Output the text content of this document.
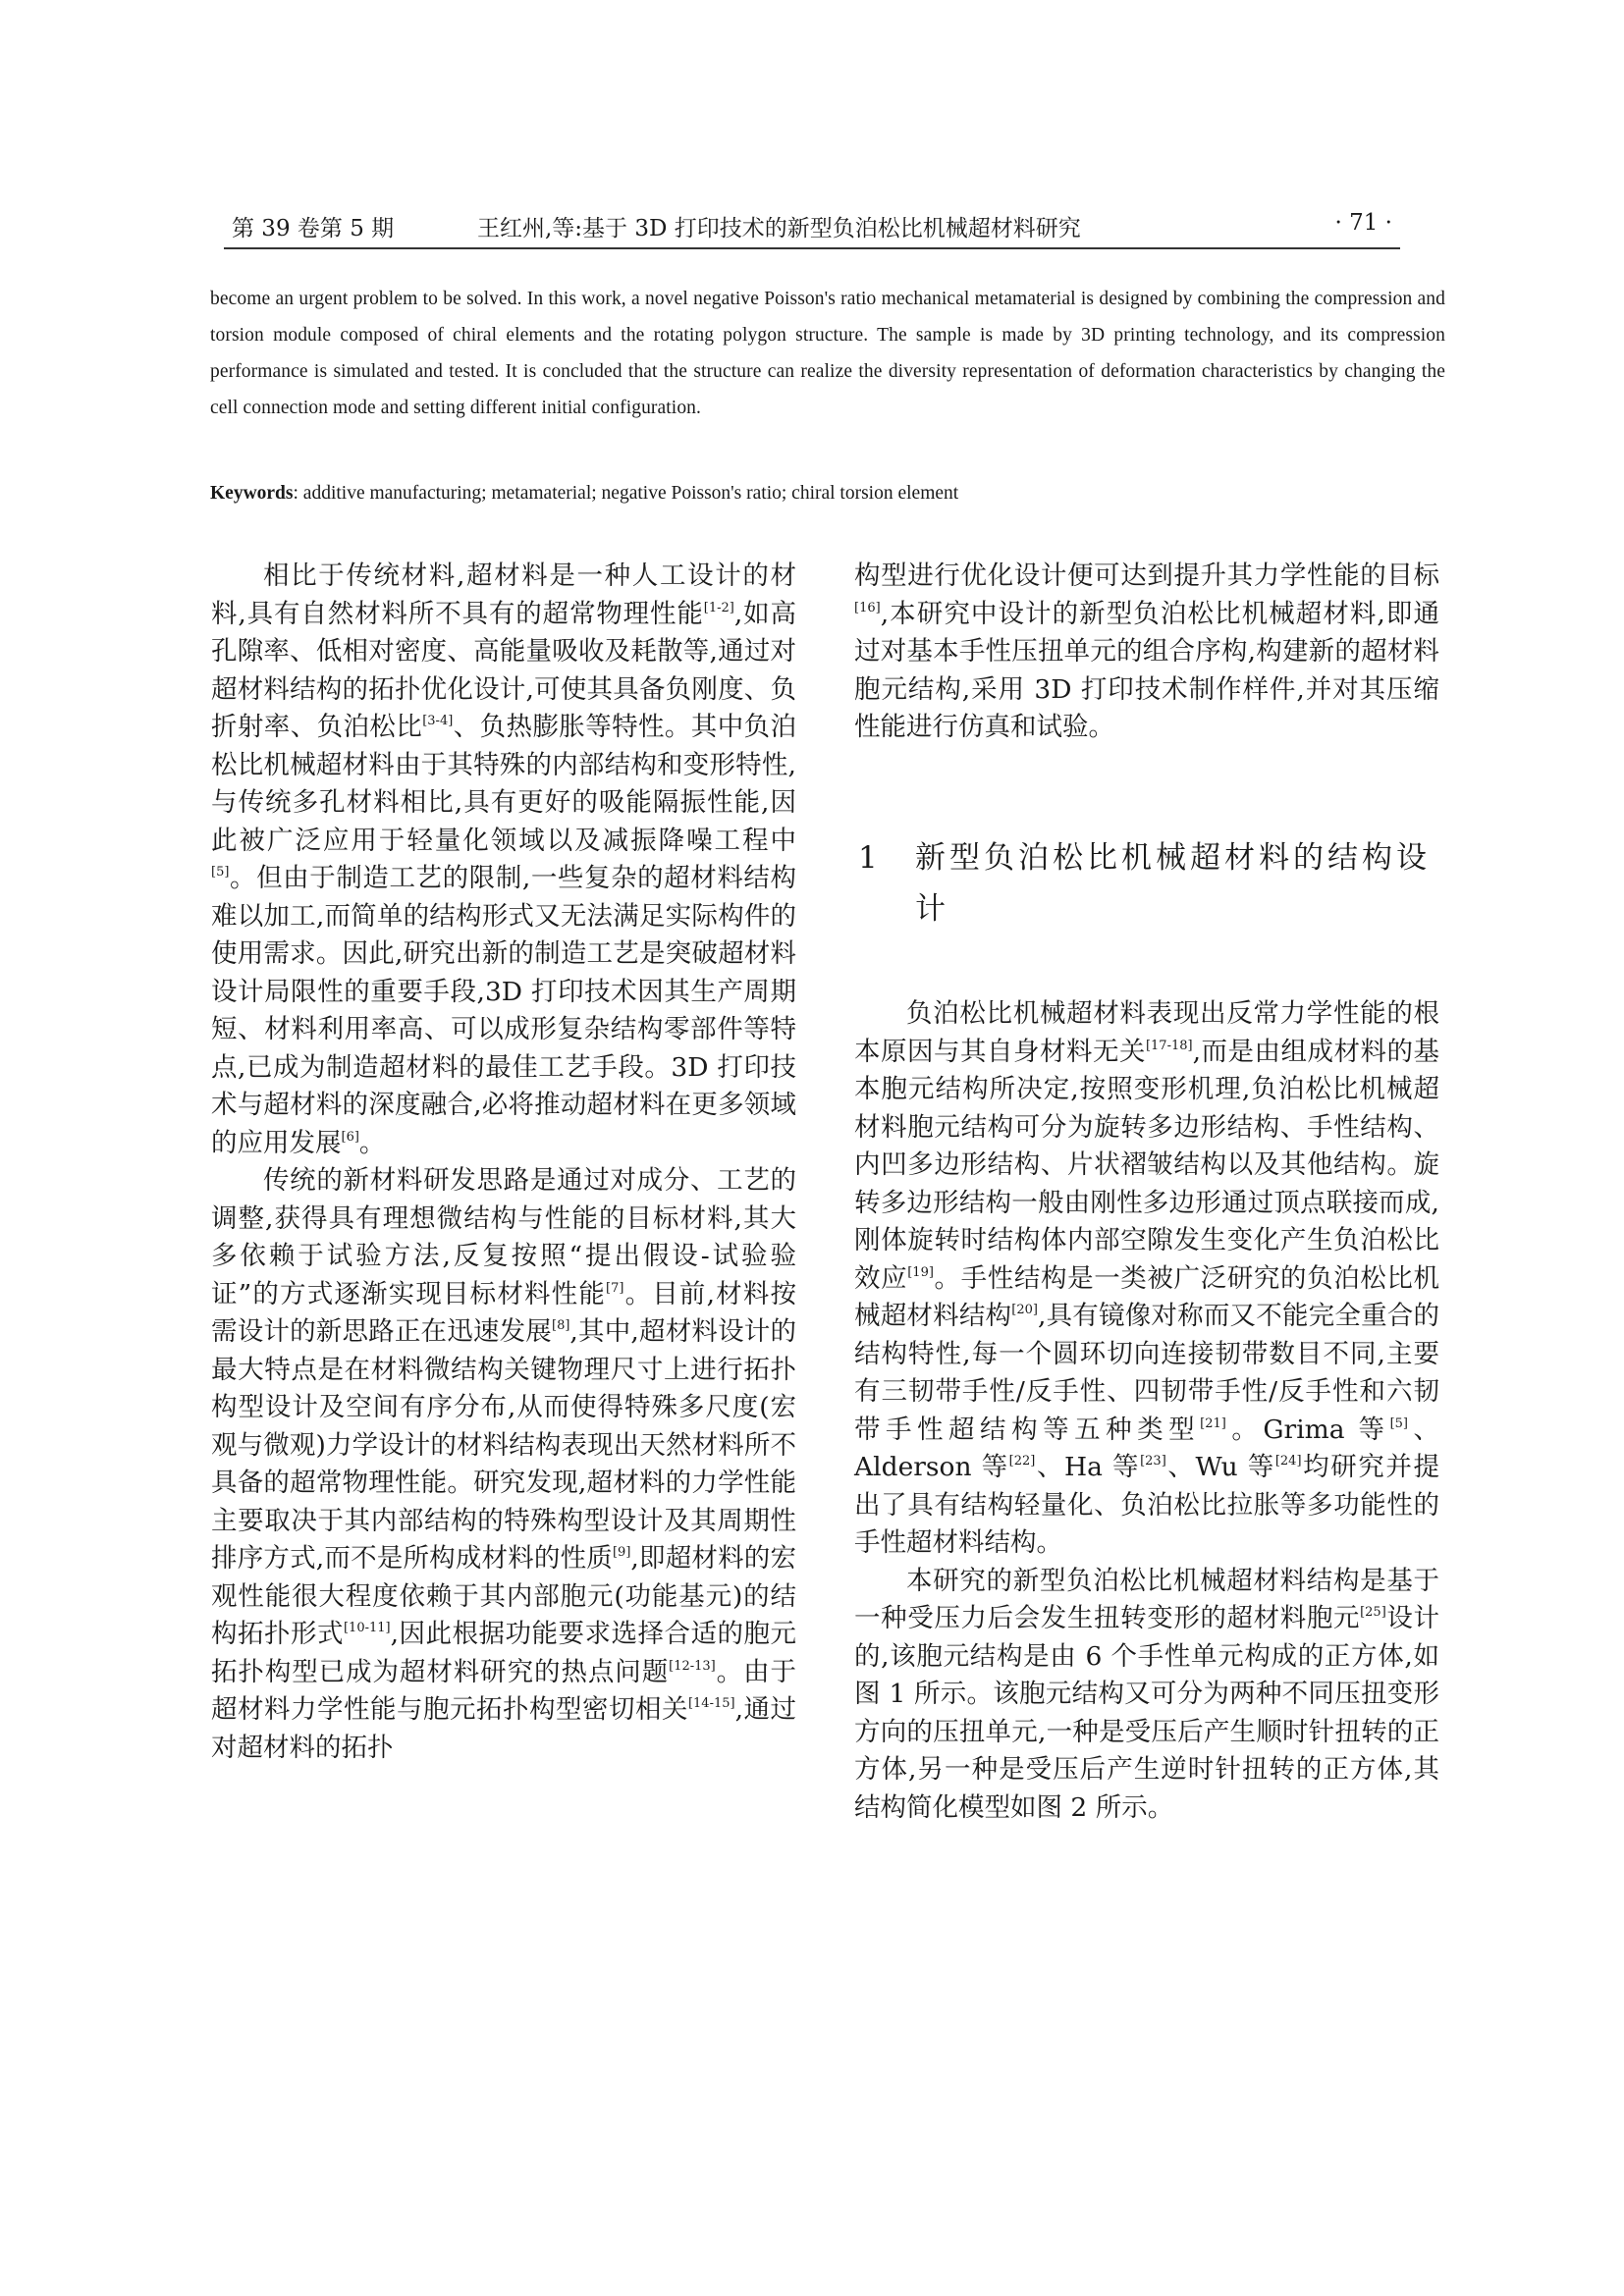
第 39 卷第 5 期	王红州,等:基于 3D 打印技术的新型负泊松比机械超材料研究	· 71 ·
become an urgent problem to be solved. In this work, a novel negative Poisson's ratio mechanical metamaterial is designed by combining the compression and torsion module composed of chiral elements and the rotating polygon structure. The sample is made by 3D printing technology, and its compression performance is simulated and tested. It is concluded that the structure can realize the diversity representation of deformation characteristics by changing the cell connection mode and setting different initial configuration.
Keywords: additive manufacturing; metamaterial; negative Poisson's ratio; chiral torsion element

相比于传统材料,超材料是一种人工设计的材料,具有自然材料所不具有的超常物理性能[1-2],如高孔隙率、低相对密度、高能量吸收及耗散等,通过对超材料结构的拓扑优化设计,可使其具备负刚度、负折射率、负泊松比[3-4]、负热膨胀等特性。其中负泊松比机械超材料由于其特殊的内部结构和变形特性,与传统多孔材料相比,具有更好的吸能隔振性能,因此被广泛应用于轻量化领域以及减振降噪工程中[5]。但由于制造工艺的限制,一些复杂的超材料结构难以加工,而简单的结构形式又无法满足实际构件的使用需求。因此,研究出新的制造工艺是突破超材料设计局限性的重要手段,3D 打印技术因其生产周期短、材料利用率高、可以成形复杂结构零部件等特点,已成为制造超材料的最佳工艺手段。3D 打印技术与超材料的深度融合,必将推动超材料在更多领域的应用发展[6]。

传统的新材料研发思路是通过对成分、工艺的调整,获得具有理想微结构与性能的目标材料,其大多依赖于试验方法,反复按照“提出假设-试验验证”的方式逐渐实现目标材料性能[7]。目前,材料按需设计的新思路正在迅速发展[8],其中,超材料设计的最大特点是在材料微结构关键物理尺寸上进行拓扑构型设计及空间有序分布,从而使得特殊多尺度(宏观与微观)力学设计的材料结构表现出天然材料所不具备的超常物理性能。研究发现,超材料的力学性能主要取决于其内部结构的特殊构型设计及其周期性排序方式,而不是所构成材料的性质[9],即超材料的宏观性能很大程度依赖于其内部胞元(功能基元)的结构拓扑形式[10-11],因此根据功能要求选择合适的胞元拓扑构型已成为超材料研究的热点问题[12-13]。由于超材料力学性能与胞元拓扑构型密切相关[14-15],通过对超材料的拓扑

构型进行优化设计便可达到提升其力学性能的目标[16],本研究中设计的新型负泊松比机械超材料,即通过对基本手性压扭单元的组合序构,构建新的超材料胞元结构,采用 3D 打印技术制作样件,并对其压缩性能进行仿真和试验。

1 新型负泊松比机械超材料的结构设计

负泊松比机械超材料表现出反常力学性能的根本原因与其自身材料无关[17-18],而是由组成材料的基本胞元结构所决定,按照变形机理,负泊松比机械超材料胞元结构可分为旋转多边形结构、手性结构、内凹多边形结构、片状褶皱结构以及其他结构。旋转多边形结构一般由刚性多边形通过顶点联接而成,刚体旋转时结构体内部空隙发生变化产生负泊松比效应[19]。手性结构是一类被广泛研究的负泊松比机械超材料结构[20],具有镜像对称而又不能完全重合的结构特性,每一个圆环切向连接韧带数目不同,主要有三韧带手性/反手性、四韧带手性/反手性和六韧带手性超结构等五种类型[21]。Grima 等[5]、Alderson 等[22]、Ha 等[23]、Wu 等[24]均研究并提出了具有结构轻量化、负泊松比拉胀等多功能性的手性超材料结构。

本研究的新型负泊松比机械超材料结构是基于一种受压力后会发生扭转变形的超材料胞元[25]设计的,该胞元结构是由 6 个手性单元构成的正方体,如图 1 所示。该胞元结构又可分为两种不同压扭变形方向的压扭单元,一种是受压后产生顺时针扭转的正方体,另一种是受压后产生逆时针扭转的正方体,其结构简化模型如图 2 所示。
